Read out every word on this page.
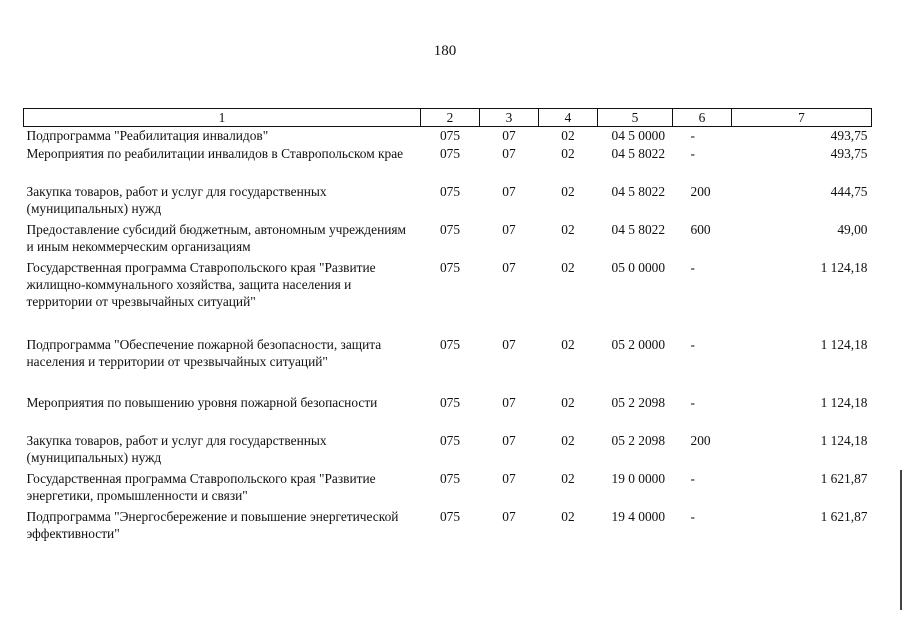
180
1	2	3	4	5	6	7
Подпрограмма "Реабилитация инвалидов"	075	07	02	04 5 0000	-	493,75
Мероприятия по реабилитации инвалидов в Ставропольском крае	075	07	02	04 5 8022	-	493,75
Закупка товаров, работ и услуг для государственных (муниципальных) нужд	075	07	02	04 5 8022	200	444,75
Предоставление субсидий бюджетным, автономным учреждениям и иным некоммерческим организациям	075	07	02	04 5 8022	600	49,00
Государственная программа Ставропольского края "Развитие жилищно-коммунального хозяйства, защита населения и территории от чрезвычайных ситуаций"	075	07	02	05 0 0000	-	1 124,18
Подпрограмма "Обеспечение пожарной безопасности, защита населения и территории от чрезвычайных ситуаций"	075	07	02	05 2 0000	-	1 124,18
Мероприятия по повышению уровня пожарной безопасности	075	07	02	05 2 2098	-	1 124,18
Закупка товаров, работ и услуг для государственных (муниципальных) нужд	075	07	02	05 2 2098	200	1 124,18
Государственная программа Ставропольского края "Развитие энергетики, промышленности и связи"	075	07	02	19 0 0000	-	1 621,87
Подпрограмма "Энергосбережение и повышение энергетической эффективности"	075	07	02	19 4 0000	-	1 621,87
